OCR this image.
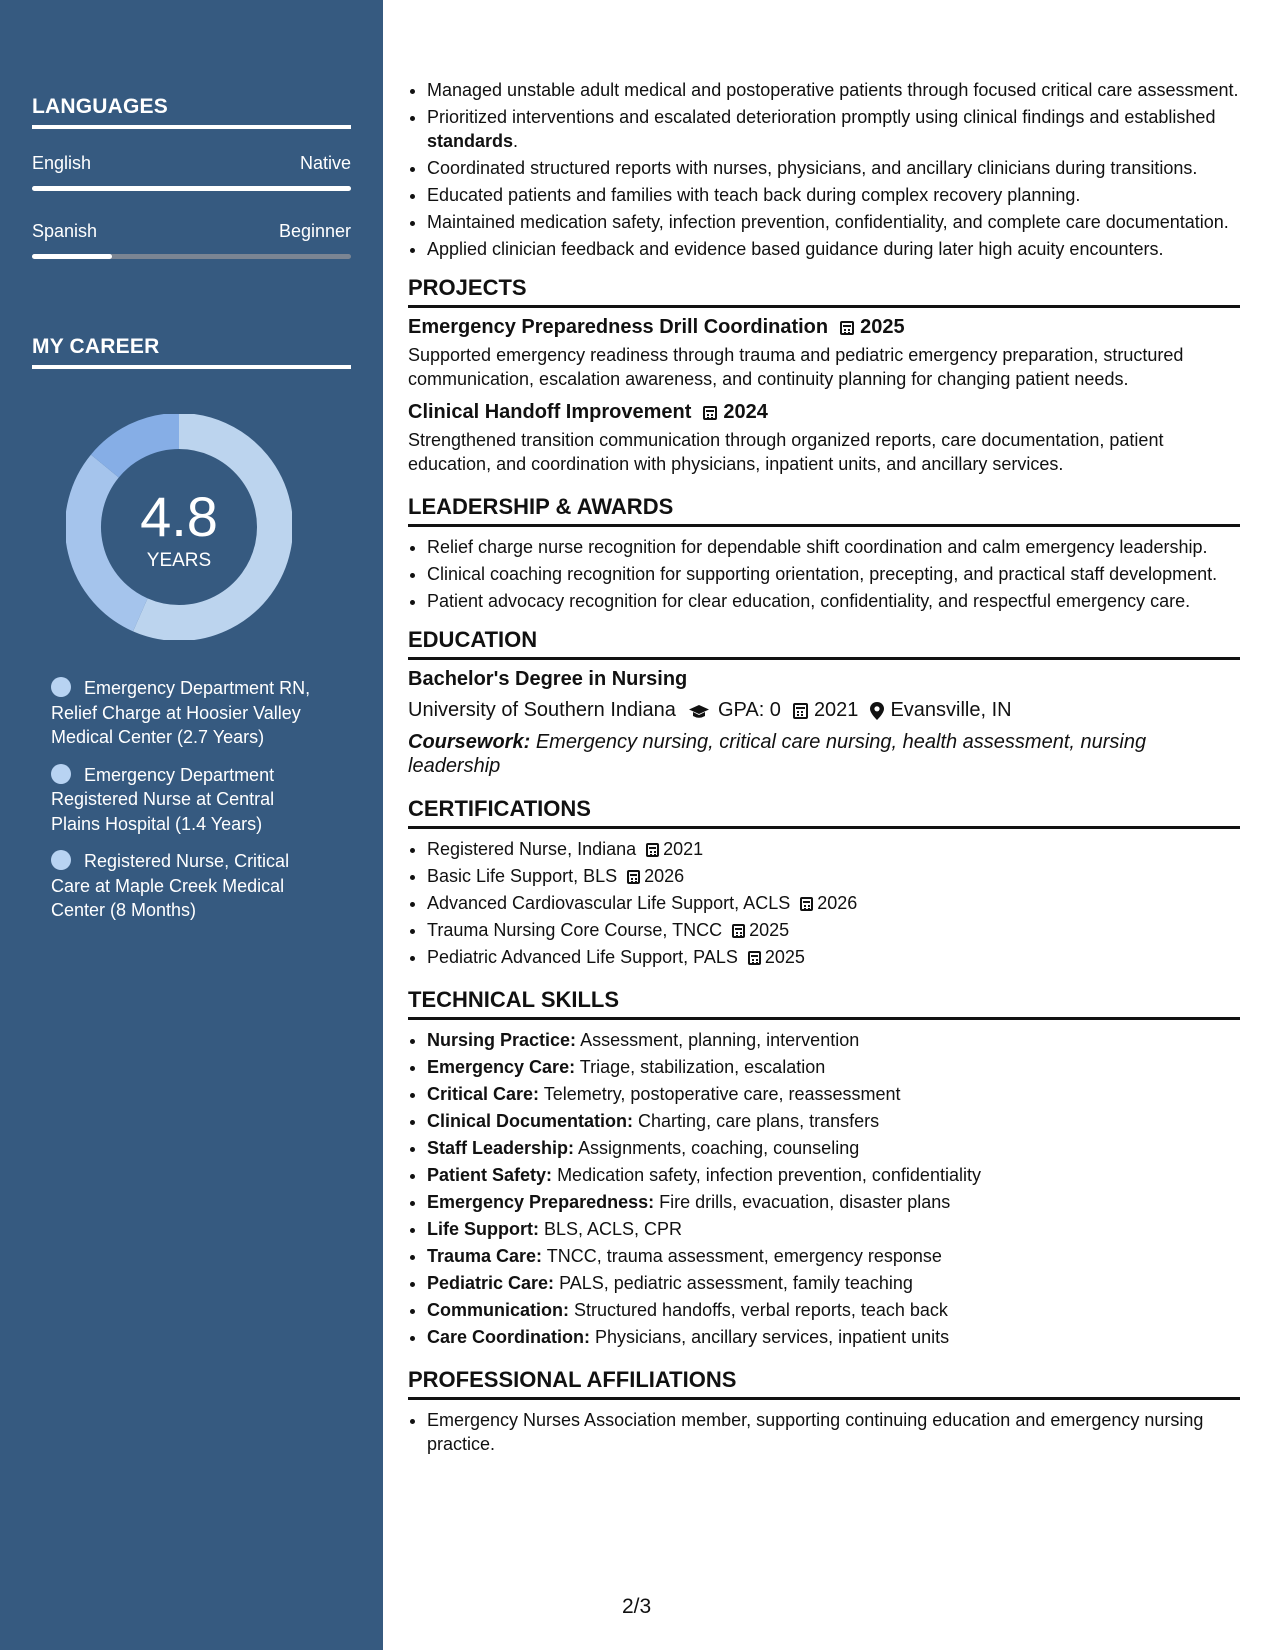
LANGUAGES
English	Native
Spanish	Beginner
MY CAREER
4.8
YEARS
Emergency Department RN, Relief Charge at Hoosier Valley Medical Center (2.7 Years)
Emergency Department Registered Nurse at Central Plains Hospital (1.4 Years)
Registered Nurse, Critical Care at Maple Creek Medical Center (8 Months)
• Managed unstable adult medical and postoperative patients through focused critical care assessment.
• Prioritized interventions and escalated deterioration promptly using clinical findings and established standards.
• Coordinated structured reports with nurses, physicians, and ancillary clinicians during transitions.
• Educated patients and families with teach back during complex recovery planning.
• Maintained medication safety, infection prevention, confidentiality, and complete care documentation.
• Applied clinician feedback and evidence based guidance during later high acuity encounters.
PROJECTS
Emergency Preparedness Drill Coordination 2025
Supported emergency readiness through trauma and pediatric emergency preparation, structured communication, escalation awareness, and continuity planning for changing patient needs.
Clinical Handoff Improvement 2024
Strengthened transition communication through organized reports, care documentation, patient education, and coordination with physicians, inpatient units, and ancillary services.
LEADERSHIP & AWARDS
• Relief charge nurse recognition for dependable shift coordination and calm emergency leadership.
• Clinical coaching recognition for supporting orientation, precepting, and practical staff development.
• Patient advocacy recognition for clear education, confidentiality, and respectful emergency care.
EDUCATION
Bachelor's Degree in Nursing
University of Southern Indiana GPA: 0 2021 Evansville, IN
Coursework: Emergency nursing, critical care nursing, health assessment, nursing leadership
CERTIFICATIONS
• Registered Nurse, Indiana 2021
• Basic Life Support, BLS 2026
• Advanced Cardiovascular Life Support, ACLS 2026
• Trauma Nursing Core Course, TNCC 2025
• Pediatric Advanced Life Support, PALS 2025
TECHNICAL SKILLS
• Nursing Practice: Assessment, planning, intervention
• Emergency Care: Triage, stabilization, escalation
• Critical Care: Telemetry, postoperative care, reassessment
• Clinical Documentation: Charting, care plans, transfers
• Staff Leadership: Assignments, coaching, counseling
• Patient Safety: Medication safety, infection prevention, confidentiality
• Emergency Preparedness: Fire drills, evacuation, disaster plans
• Life Support: BLS, ACLS, CPR
• Trauma Care: TNCC, trauma assessment, emergency response
• Pediatric Care: PALS, pediatric assessment, family teaching
• Communication: Structured handoffs, verbal reports, teach back
• Care Coordination: Physicians, ancillary services, inpatient units
PROFESSIONAL AFFILIATIONS
• Emergency Nurses Association member, supporting continuing education and emergency nursing practice.
2/3
